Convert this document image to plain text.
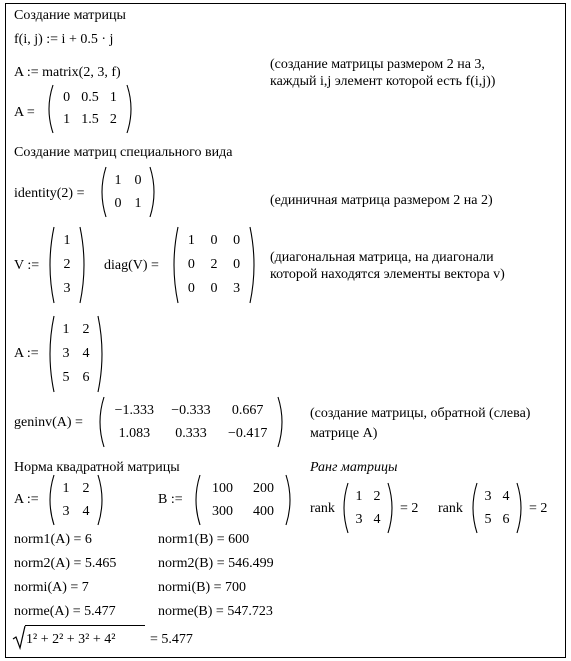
Создание матрицы
f(i, j) := i + 0.5 · j
A := matrix(2, 3, f)
A =
0 0.5 1
1 1.5 2
(создание матрицы размером 2 на 3,
каждый i,j элемент которой есть f(i,j))
Создание матриц специального вида
identity(2) =
1 0
0 1	(единичная матрица размером 2 на 2)
V :=
1
2
3
diag(V) =
1	0	0
0	2	0
0	0	3
(диагональная матрица, на диагонали
которой находятся элементы вектора v)
A :=
1 2
3 4
5 6
geninv(A) =
−1.333	−0.333	0.667
1.083	0.333	−0.417
(создание матрицы, обратной (слева)
матрице A)
Норма квадратной матрицы
A :=
1 2
3 4
B :=
100	200
300	400
norm1(A) = 6
norm2(A) = 5.465
normi(A) = 7
norme(A) = 5.477
norm1(B) = 600
norm2(B) = 546.499
normi(B) = 700
norme(B) = 547.723
1² + 2² + 3² + 4² = 5.477
Ранг матрицы
rank
1 2
3 4
= 2 rank
3 4
5 6
= 2
